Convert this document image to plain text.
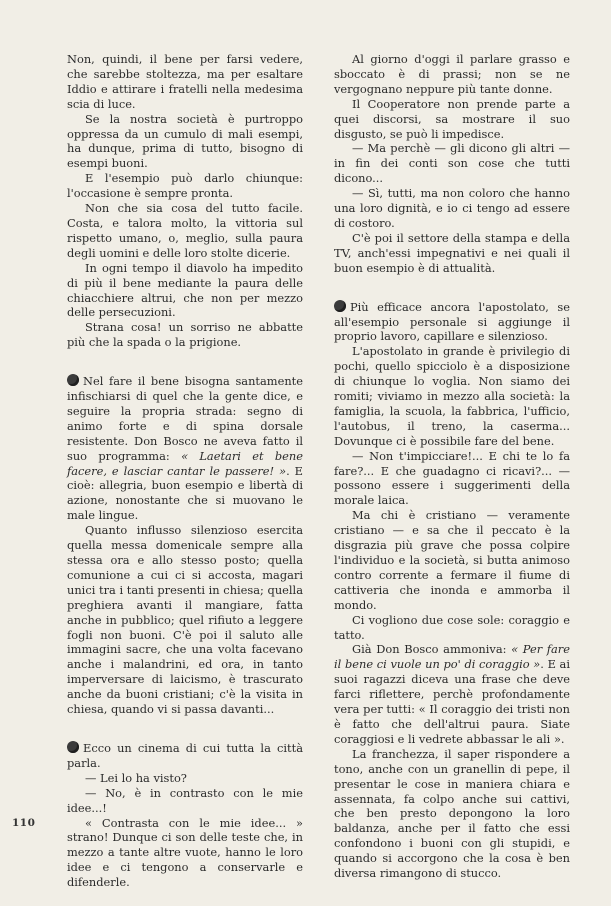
Non, quindi, il bene per farsi vedere, che sarebbe stoltezza, ma per esaltare Iddio e attirare i fratelli nella medesima scia di luce.

Se la nostra società è purtroppo oppressa da un cumulo di mali esempi, ha dunque, prima di tutto, bisogno di esempi buoni.

E l'esempio può darlo chiunque: l'occasione è sempre pronta.

Non che sia cosa del tutto facile. Costa, e talora molto, la vittoria sul rispetto umano, o, meglio, sulla paura degli uomini e delle loro stolte dicerie.

In ogni tempo il diavolo ha impedito di più il bene mediante la paura delle chiacchiere altrui, che non per mezzo delle persecuzioni.

Strana cosa! un sorriso ne abbatte più che la spada o la prigione.

Nel fare il bene bisogna santamente infischiarsi di quel che la gente dice, e seguire la propria strada: segno di animo forte e di spina dorsale resistente. Don Bosco ne aveva fatto il suo programma: « Laetari et bene facere, e lasciar cantar le passere! ». E cioè: allegria, buon esempio e libertà di azione, nonostante che si muovano le male lingue.

Quanto influsso silenzioso esercita quella messa domenicale sempre alla stessa ora e allo stesso posto; quella comunione a cui ci si accosta, magari unici tra i tanti presenti in chiesa; quella preghiera avanti il mangiare, fatta anche in pubblico; quel rifiuto a leggere fogli non buoni. C'è poi il saluto alle immagini sacre, che una volta facevano anche i malandrini, ed ora, in tanto imperversare di laicismo, è trascurato anche da buoni cristiani; c'è la visita in chiesa, quando vi si passa davanti...

Ecco un cinema di cui tutta la città parla.

— Lei lo ha visto?

— No, è in contrasto con le mie idee...!

« Contrasta con le mie idee... » strano! Dunque ci son delle teste che, in mezzo a tante altre vuote, hanno le loro idee e ci tengono a conservarle e difenderle.

Al giorno d'oggi il parlare grasso e sboccato è di prassi; non se ne vergognano neppure più tante donne.

Il Cooperatore non prende parte a quei discorsi, sa mostrare il suo disgusto, se può li impedisce.

— Ma perchè — gli dicono gli altri — in fin dei conti son cose che tutti dicono...

— Sì, tutti, ma non coloro che hanno una loro dignità, e io ci tengo ad essere di costoro.

C'è poi il settore della stampa e della TV, anch'essi impegnativi e nei quali il buon esempio è di attualità.

Più efficace ancora l'apostolato, se all'esempio personale si aggiunge il proprio lavoro, capillare e silenzioso.

L'apostolato in grande è privilegio di pochi, quello spicciolo è a disposizione di chiunque lo voglia. Non siamo dei romiti; viviamo in mezzo alla società: la famiglia, la scuola, la fabbrica, l'ufficio, l'autobus, il treno, la caserma... Dovunque ci è possibile fare del bene.

— Non t'impicciare!... E chi te lo fa fare?... E che guadagno ci ricavi?... — possono essere i suggerimenti della morale laica.

Ma chi è cristiano — veramente cristiano — e sa che il peccato è la disgrazia più grave che possa colpire l'individuo e la società, si butta animoso contro corrente a fermare il fiume di cattiveria che inonda e ammorba il mondo.

Ci vogliono due cose sole: coraggio e tatto.

Già Don Bosco ammoniva: « Per fare il bene ci vuole un po' di coraggio ». E ai suoi ragazzi diceva una frase che deve farci riflettere, perchè profondamente vera per tutti: « Il coraggio dei tristi non è fatto che dell'altrui paura. Siate coraggiosi e li vedrete abbassar le ali ».

La franchezza, il saper rispondere a tono, anche con un granellin di pepe, il presentar le cose in maniera chiara e assennata, fa colpo anche sui cattivi, che ben presto depongono la loro baldanza, anche per il fatto che essi confondono i buoni con gli stupidi, e quando si accorgono che la cosa è ben diversa rimangono di stucco.

110
